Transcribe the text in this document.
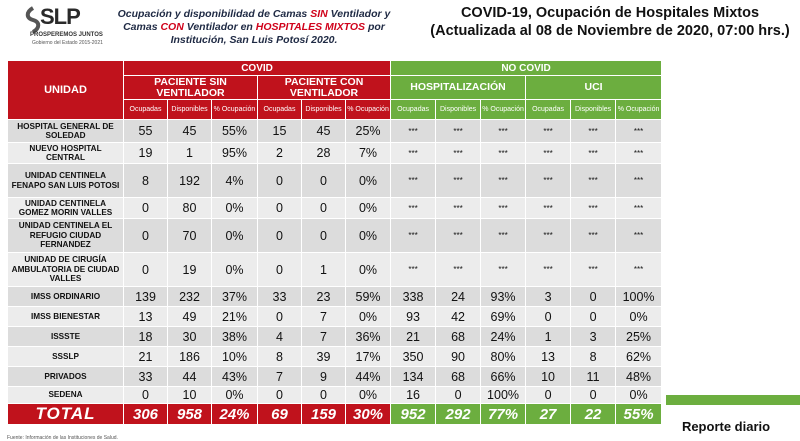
SLP
PROSPEREMOS JUNTOS
Gobierno del Estado 2015-2021
Ocupación y disponibilidad de Camas SIN Ventilador y Camas CON Ventilador en HOSPITALES MIXTOS por Institución, San Luis Potosí 2020.
COVID-19, Ocupación de Hospitales Mixtos
(Actualizada al 08 de Noviembre de 2020, 07:00 hrs.)
UNIDAD	COVID						NO COVID					
	PACIENTE SIN VENTILADOR			PACIENTE CON VENTILADOR			HOSPITALIZACIÓN			UCI		
	Ocupadas	Disponibles	% Ocupación	Ocupadas	Disponibles	% Ocupación	Ocupadas	Disponibles	% Ocupación	Ocupadas	Disponibles	% Ocupación
HOSPITAL GENERAL DE SOLEDAD	55	45	55%	15	45	25%	***	***	***	***	***	***
NUEVO HOSPITAL CENTRAL	19	1	95%	2	28	7%	***	***	***	***	***	***
UNIDAD CENTINELA FENAPO SAN LUIS POTOSI	8	192	4%	0	0	0%	***	***	***	***	***	***
UNIDAD CENTINELA GOMEZ MORIN VALLES	0	80	0%	0	0	0%	***	***	***	***	***	***
UNIDAD CENTINELA EL REFUGIO CIUDAD FERNANDEZ	0	70	0%	0	0	0%	***	***	***	***	***	***
UNIDAD DE CIRUGÍA AMBULATORIA DE CIUDAD VALLES	0	19	0%	0	1	0%	***	***	***	***	***	***
IMSS ORDINARIO	139	232	37%	33	23	59%	338	24	93%	3	0	100%
IMSS BIENESTAR	13	49	21%	0	7	0%	93	42	69%	0	0	0%
ISSSTE	18	30	38%	4	7	36%	21	68	24%	1	3	25%
SSSLP	21	186	10%	8	39	17%	350	90	80%	13	8	62%
PRIVADOS	33	44	43%	7	9	44%	134	68	66%	10	11	48%
SEDENA	0	10	0%	0	0	0%	16	0	100%	0	0	0%
TOTAL	306	958	24%	69	159	30%	952	292	77%	27	22	55%
Reporte diario
Fuente: Información de las Instituciones de Salud.
